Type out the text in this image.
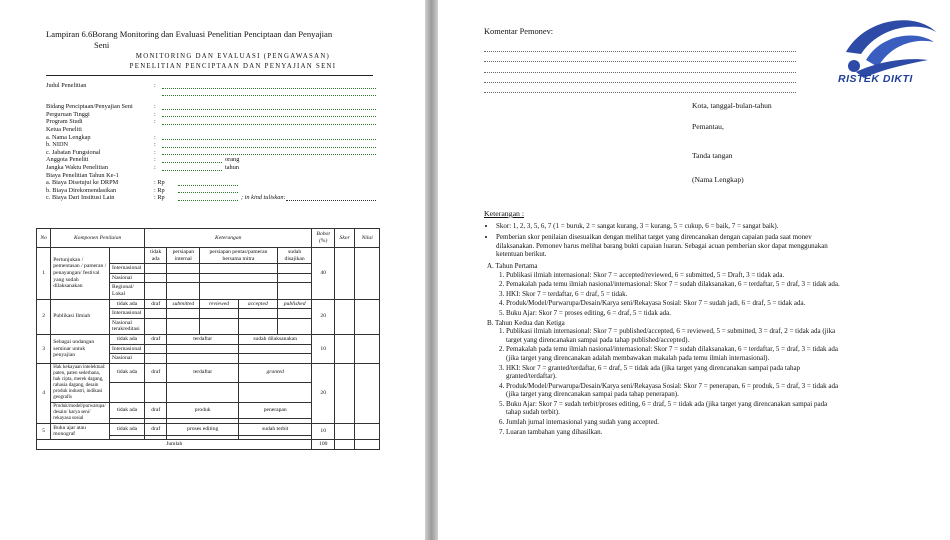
Lampiran 6.6Borang Monitoring dan Evaluasi Penelitian Penciptaan dan Penyajian
Seni
MONITORING DAN EVALUASI (PENGAWASAN)
PENELITIAN PENCIPTAAN DAN PENYAJIAN SENI
Judul Penelitian	:
Bidang Penciptaan/Penyajian Seni	:
Perguruan Tinggi	:
Program Studi	:
Ketua Peneliti
a. Nama Lengkap	:
b. NIDN	:
c. Jabatan Fungsional	:
Anggota Peneliti	:	orang
Jangka Waktu Penelitian	:	tahun
Biaya Penelitian Tahun Ke-1
a. Biaya Disetujui ke DRPM	: Rp
b. Biaya Direkomendasikan	: Rp
c. Biaya Dari Institusi Lain	: Rp	; in kind tuliskan:
No	Komponen Penilaian		Keterangan					Bobot (%)	Skor	Nilai
1	Pertunjukan / pementasan / pameran / penayangan/ festival yang sudah dilaksanakan		tidak ada	persiapan internal	persiapan pentas/pameran bersama mitra		sudah disajikan	40		
		Internasional								
		Nasional								
		Regional/ Lokal								
2	Publikasi Ilmiah	tidak ada	draf	submitted	reviewed	accepted	published	20		
		Internasional								
		Nasional terakreditasi								
3	Sebagai undangan seminar untuk penyajian	tidak ada	draf	terdaftar		sudah dilaksanakan		10		
		Internasional								
		Nasional								
4	Hak kekayaan intelektual: paten, paten sederhana, hak cipta, merek dagang, rahasia dagang, desain produk industri, indikasi geografis	tidak ada	draf	terdaftar		granted		20		

	Produk/model/purwarupa/ desain/ karya seni/ rekayasa sosial	tidak ada	draf	produk		penerapan				

5	Buku ajar atau monograf	tidak ada	draf	proses editing		sudah terbit		10		

Jumlah								100		
Komentar Pemonev:
RISTEK DIKTI
Kota, tanggal-bulan-tahun
Pemantau,
Tanda tangan
(Nama Lengkap)
Keterangan :
• Skor: 1, 2, 3, 5, 6, 7 (1 = buruk, 2 = sangat kurang, 3 = kurang, 5 = cukup, 6 = baik, 7 = sangat baik).
• Pemberian skor penilaian disesuaikan dengan melihat target yang direncanakan dengan capaian pada saat monev dilaksanakan. Pemonev harus melihat barang bukti capaian luaran. Sebagai acuan pemberian skor dapat menggunakan ketentuan berikut.
A. Tahun Pertama
1. Publikasi ilmiah internasional: Skor 7 = accepted/reviewed, 6 = submitted, 5 = Draft, 3 = tidak ada.
2. Pemakalah pada temu ilmiah nasional/internasional: Skor 7 = sudah dilaksanakan, 6 = terdaftar, 5 = draf, 3 = tidak ada.
3. HKI: Skor 7 = terdaftar, 6 = draf, 5 = tidak.
4. Produk/Model/Purwarupa/Desain/Karya seni/Rekayasa Sosial: Skor 7 = sudah jadi, 6 = draf, 5 = tidak ada.
5. Buku Ajar: Skor 7 = proses editing, 6 = draf, 5 = tidak ada.
B. Tahun Kedua dan Ketiga
1. Publikasi ilmiah internasional: Skor 7 = published/accepted, 6 = reviewed, 5 = submitted, 3 = draf, 2 = tidak ada (jika target yang direncanakan sampai pada tahap published/accepted).
2. Pemakalah pada temu ilmiah nasional/internasional: Skor 7 = sudah dilaksanakan, 6 = terdaftar, 5 = draf, 3 = tidak ada (jika target yang direncanakan adalah membawakan makalah pada temu ilmiah internasional).
3. HKI: Skor 7 = granted/terdaftar, 6 = draf, 5 = tidak ada (jika target yang direncanakan sampai pada tahap granted/terdaftar).
4. Produk/Model/Purwarupa/Desain/Karya seni/Rekayasa Sosial: Skor 7 = penerapan, 6 = produk, 5 = draf, 3 = tidak ada (jika target yang direncanakan sampai pada tahap penerapan).
5. Buku Ajar: Skor 7 = sudah terbit/proses editing, 6 = draf, 5 = tidak ada (jika target yang direncanakan sampai pada tahap sudah terbit).
6. Jumlah jurnal internasional yang sudah yang accepted.
7. Luaran tambahan yang dihasilkan.
